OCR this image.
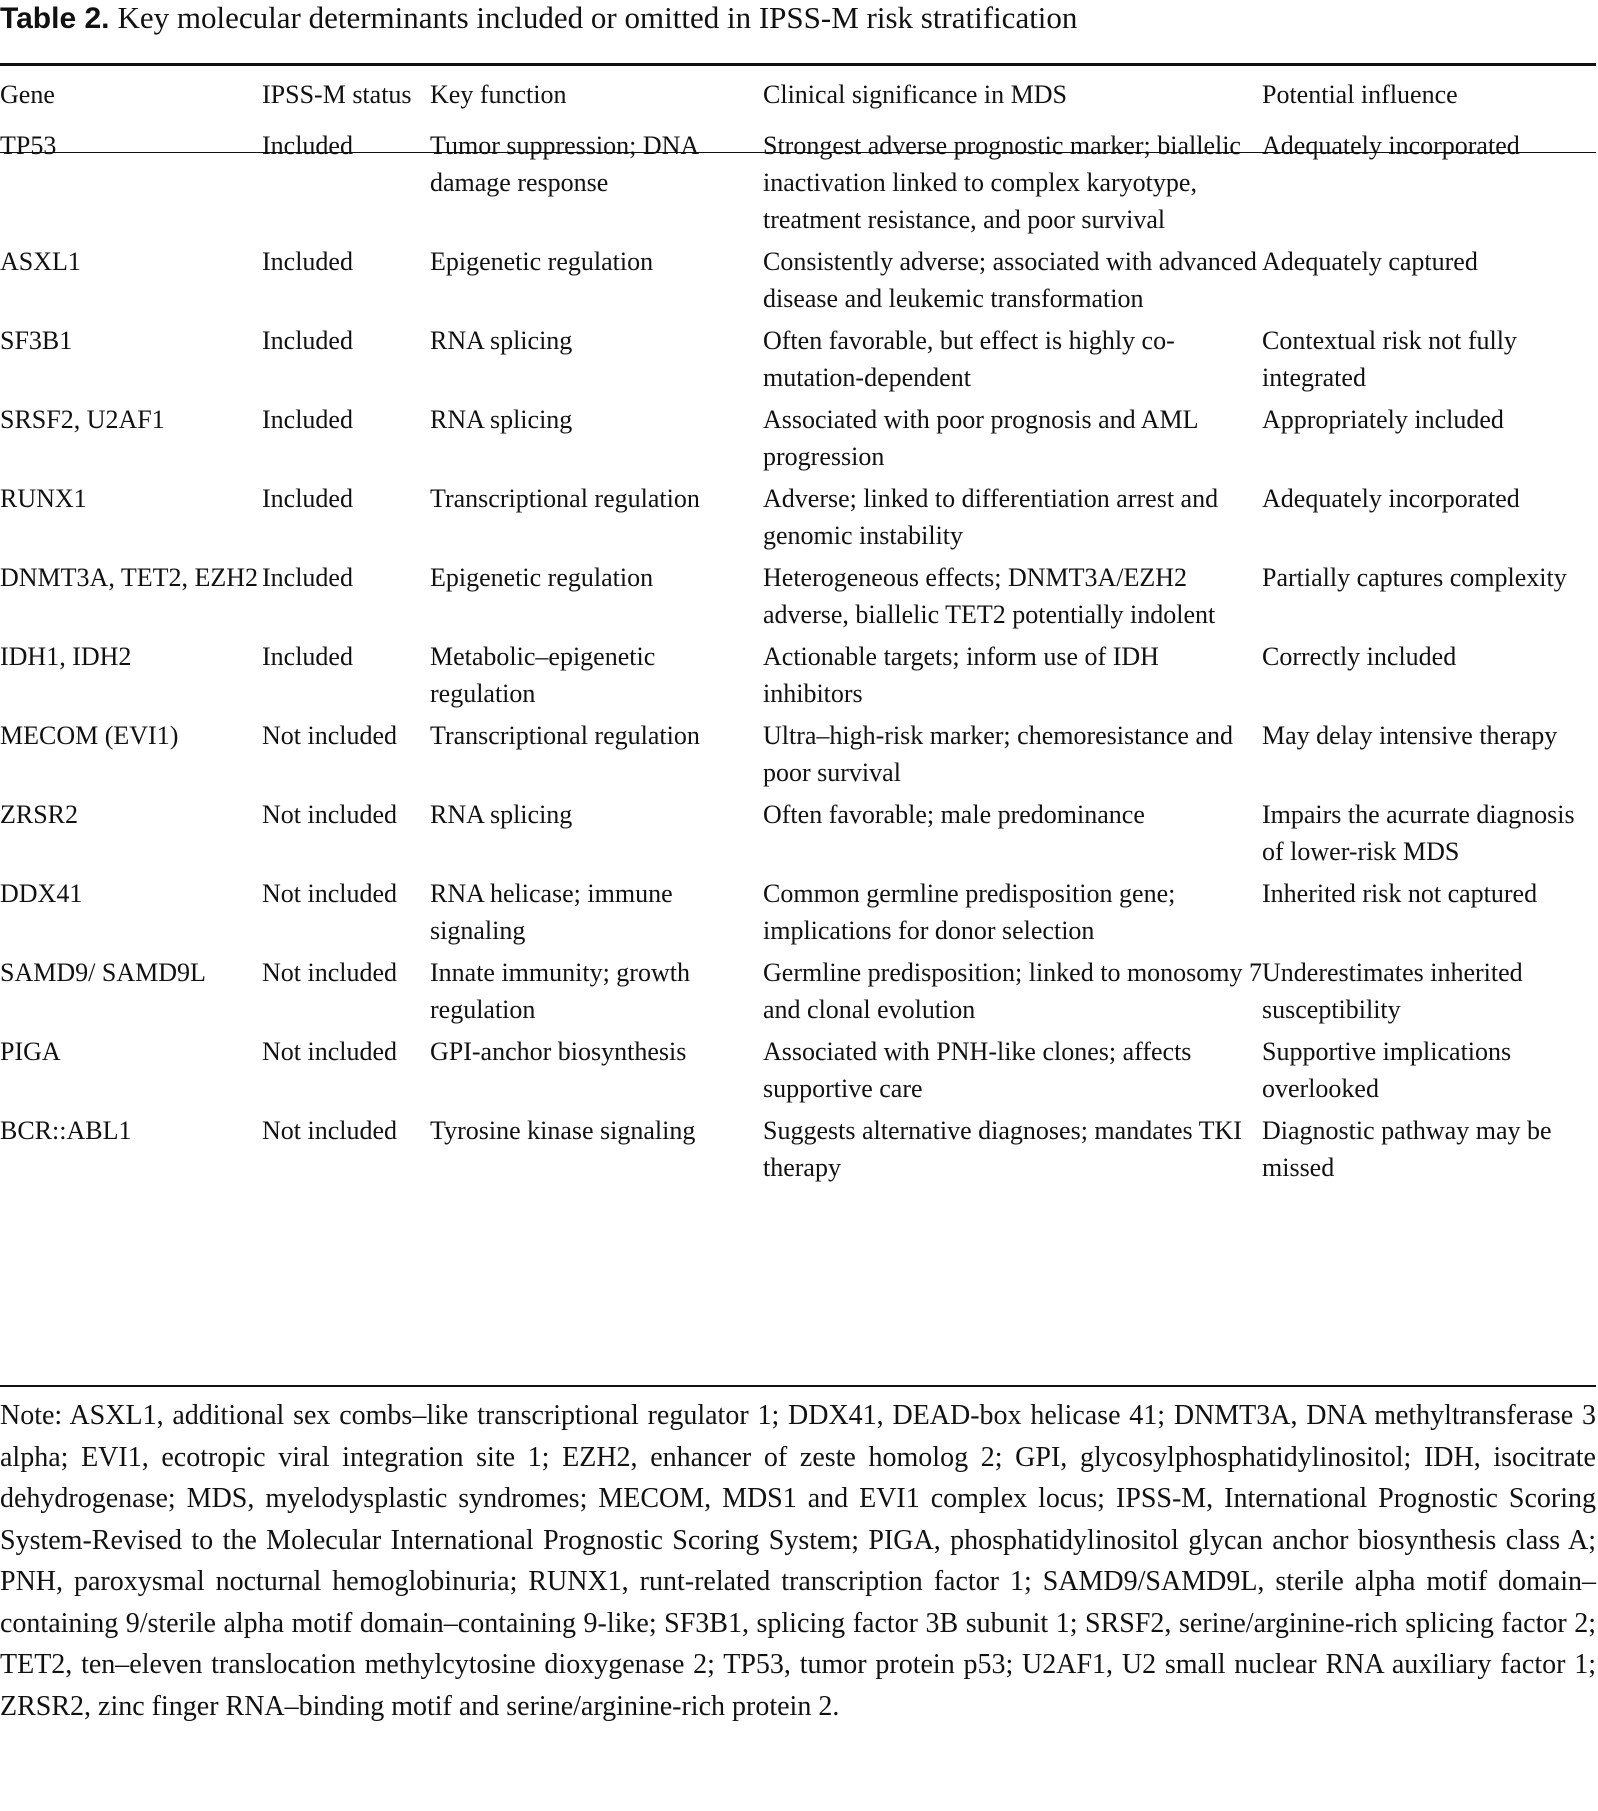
Table 2. Key molecular determinants included or omitted in IPSS-M risk stratification
Gene	IPSS-M status	Key function	Clinical significance in MDS	Potential influence
TP53	Included	Tumor suppression; DNA damage response	Strongest adverse prognostic marker; biallelic inactivation linked to complex karyotype, treatment resistance, and poor survival	Adequately incorporated
ASXL1	Included	Epigenetic regulation	Consistently adverse; associated with advanced disease and leukemic transformation	Adequately captured
SF3B1	Included	RNA splicing	Often favorable, but effect is highly co-mutation-dependent	Contextual risk not fully integrated
SRSF2, U2AF1	Included	RNA splicing	Associated with poor prognosis and AML progression	Appropriately included
RUNX1	Included	Transcriptional regulation	Adverse; linked to differentiation arrest and genomic instability	Adequately incorporated
DNMT3A, TET2, EZH2	Included	Epigenetic regulation	Heterogeneous effects; DNMT3A/EZH2 adverse, biallelic TET2 potentially indolent	Partially captures complexity
IDH1, IDH2	Included	Metabolic–epigenetic regulation	Actionable targets; inform use of IDH inhibitors	Correctly included
MECOM (EVI1)	Not included	Transcriptional regulation	Ultra–high-risk marker; chemoresistance and poor survival	May delay intensive therapy
ZRSR2	Not included	RNA splicing	Often favorable; male predominance	Impairs the acurrate diagnosis of lower-risk MDS
DDX41	Not included	RNA helicase; immune signaling	Common germline predisposition gene; implications for donor selection	Inherited risk not captured
SAMD9/ SAMD9L	Not included	Innate immunity; growth regulation	Germline predisposition; linked to monosomy 7 and clonal evolution	Underestimates inherited susceptibility
PIGA	Not included	GPI-anchor biosynthesis	Associated with PNH-like clones; affects supportive care	Supportive implications overlooked
BCR::ABL1	Not included	Tyrosine kinase signaling	Suggests alternative diagnoses; mandates TKI therapy	Diagnostic pathway may be missed
Note: ASXL1, additional sex combs–like transcriptional regulator 1; DDX41, DEAD-box helicase 41; DNMT3A, DNA methyltransferase 3 alpha; EVI1, ecotropic viral integration site 1; EZH2, enhancer of zeste homolog 2; GPI, glycosylphosphatidylinositol; IDH, isocitrate dehydrogenase; MDS, myelodysplastic syndromes; MECOM, MDS1 and EVI1 complex locus; IPSS-M, International Prognostic Scoring System-Revised to the Molecular International Prognostic Scoring System; PIGA, phosphatidylinositol glycan anchor biosynthesis class A; PNH, paroxysmal nocturnal hemoglobinuria; RUNX1, runt-related transcription factor 1; SAMD9/SAMD9L, sterile alpha motif domain–containing 9/sterile alpha motif domain–containing 9-like; SF3B1, splicing factor 3B subunit 1; SRSF2, serine/arginine-rich splicing factor 2; TET2, ten–eleven translocation methylcytosine dioxygenase 2; TP53, tumor protein p53; U2AF1, U2 small nuclear RNA auxiliary factor 1; ZRSR2, zinc finger RNA–binding motif and serine/arginine-rich protein 2.
